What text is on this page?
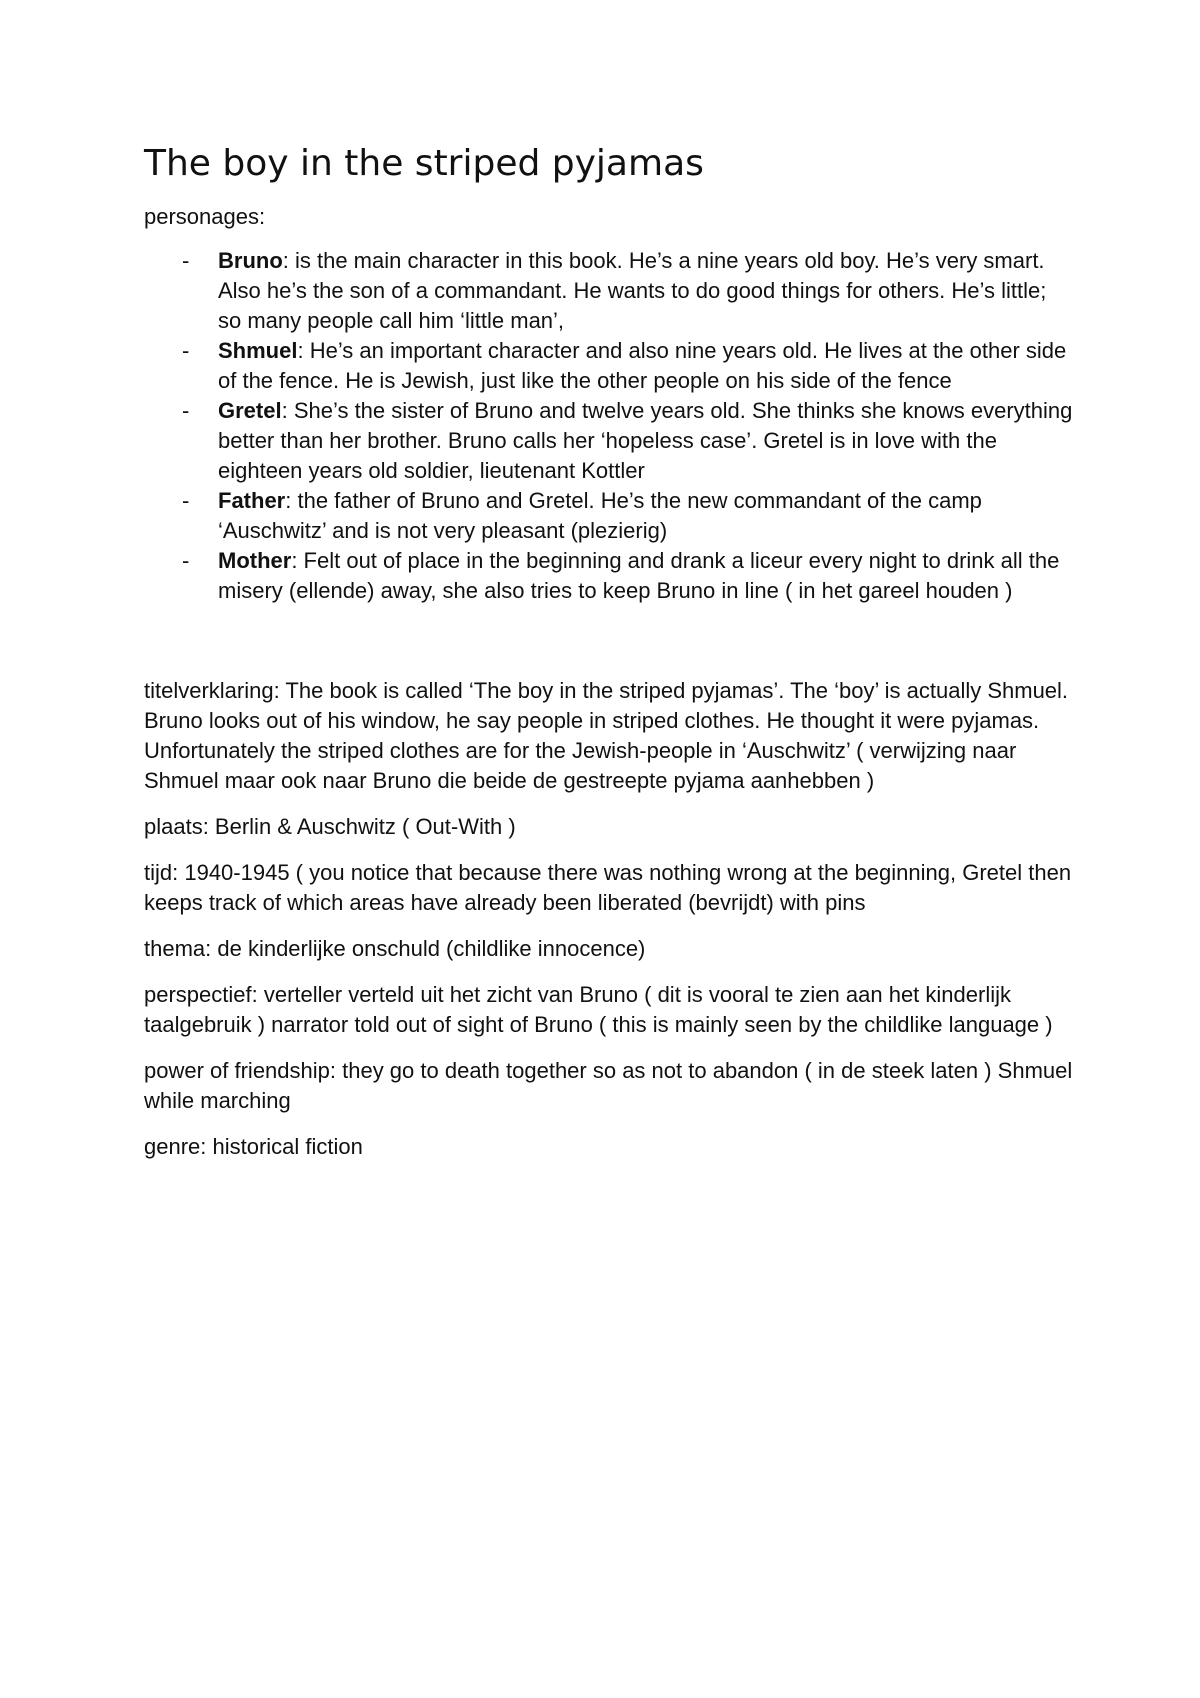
The boy in the striped pyjamas

personages:

- Bruno: is the main character in this book. He’s a nine years old boy. He’s very smart. Also he’s the son of a commandant. He wants to do good things for others. He’s little; so many people call him ‘little man’,
- Shmuel: He’s an important character and also nine years old. He lives at the other side of the fence. He is Jewish, just like the other people on his side of the fence
- Gretel: She’s the sister of Bruno and twelve years old. She thinks she knows everything better than her brother. Bruno calls her ‘hopeless case’. Gretel is in love with the eighteen years old soldier, lieutenant Kottler
- Father: the father of Bruno and Gretel. He’s the new commandant of the camp ‘Auschwitz’ and is not very pleasant (plezierig)
- Mother: Felt out of place in the beginning and drank a liceur every night to drink all the misery (ellende) away, she also tries to keep Bruno in line ( in het gareel houden )

titelverklaring: The book is called ‘The boy in the striped pyjamas’. The ‘boy’ is actually Shmuel. Bruno looks out of his window, he say people in striped clothes. He thought it were pyjamas. Unfortunately the striped clothes are for the Jewish-people in ‘Auschwitz’ ( verwijzing naar Shmuel maar ook naar Bruno die beide de gestreepte pyjama aanhebben )

plaats: Berlin & Auschwitz ( Out-With )

tijd: 1940-1945 ( you notice that because there was nothing wrong at the beginning, Gretel then keeps track of which areas have already been liberated (bevrijdt) with pins

thema: de kinderlijke onschuld (childlike innocence)

perspectief: verteller verteld uit het zicht van Bruno ( dit is vooral te zien aan het kinderlijk taalgebruik ) narrator told out of sight of Bruno ( this is mainly seen by the childlike language )

power of friendship: they go to death together so as not to abandon ( in de steek laten ) Shmuel while marching

genre: historical fiction
